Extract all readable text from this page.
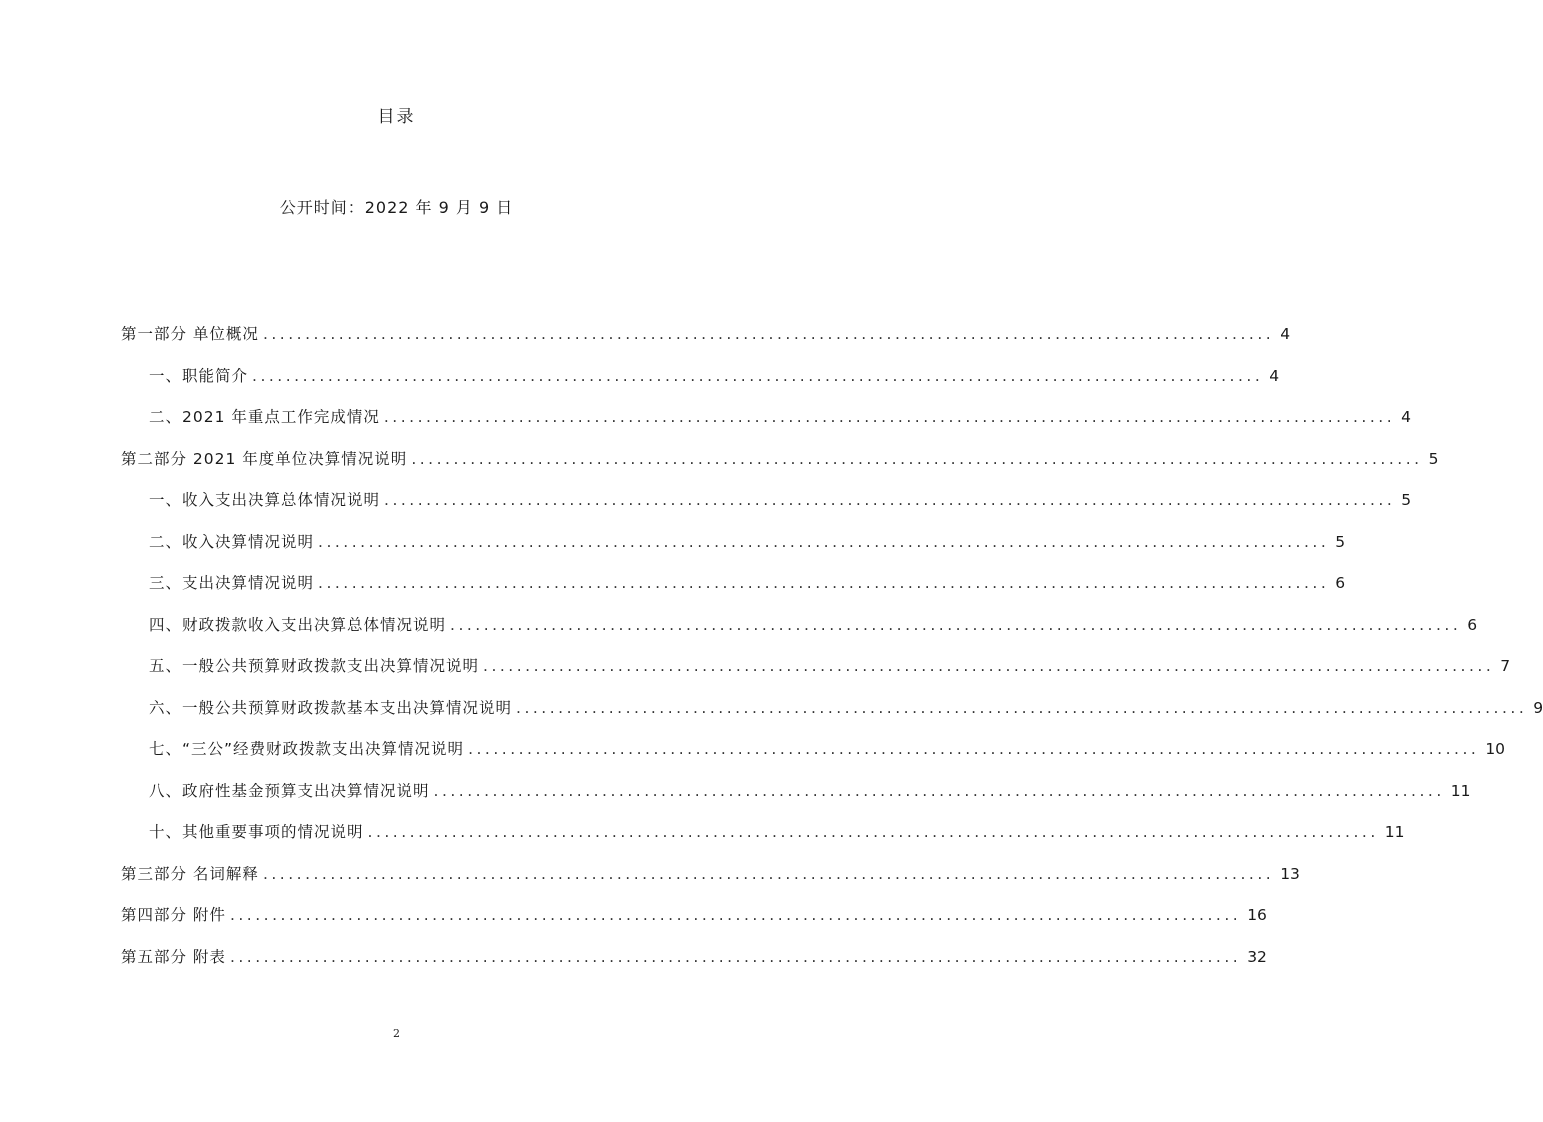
目录
公开时间：2022 年 9 月 9 日
第一部分 单位概况 ........................................................................................................................ 4
一、职能简介 ........................................................................................................................ 4
二、2021 年重点工作完成情况 ........................................................................................................................ 4
第二部分 2021 年度单位决算情况说明 ........................................................................................................................ 5
一、收入支出决算总体情况说明 ........................................................................................................................ 5
二、收入决算情况说明 ........................................................................................................................ 5
三、支出决算情况说明 ........................................................................................................................ 6
四、财政拨款收入支出决算总体情况说明 ........................................................................................................................ 6
五、一般公共预算财政拨款支出决算情况说明 ........................................................................................................................ 7
六、一般公共预算财政拨款基本支出决算情况说明 ........................................................................................................................ 9
七、“三公”经费财政拨款支出决算情况说明 ........................................................................................................................ 10
八、政府性基金预算支出决算情况说明 ........................................................................................................................ 11
十、其他重要事项的情况说明 ........................................................................................................................ 11
第三部分 名词解释 ........................................................................................................................ 13
第四部分 附件 ........................................................................................................................ 16
第五部分 附表 ........................................................................................................................ 32
2
